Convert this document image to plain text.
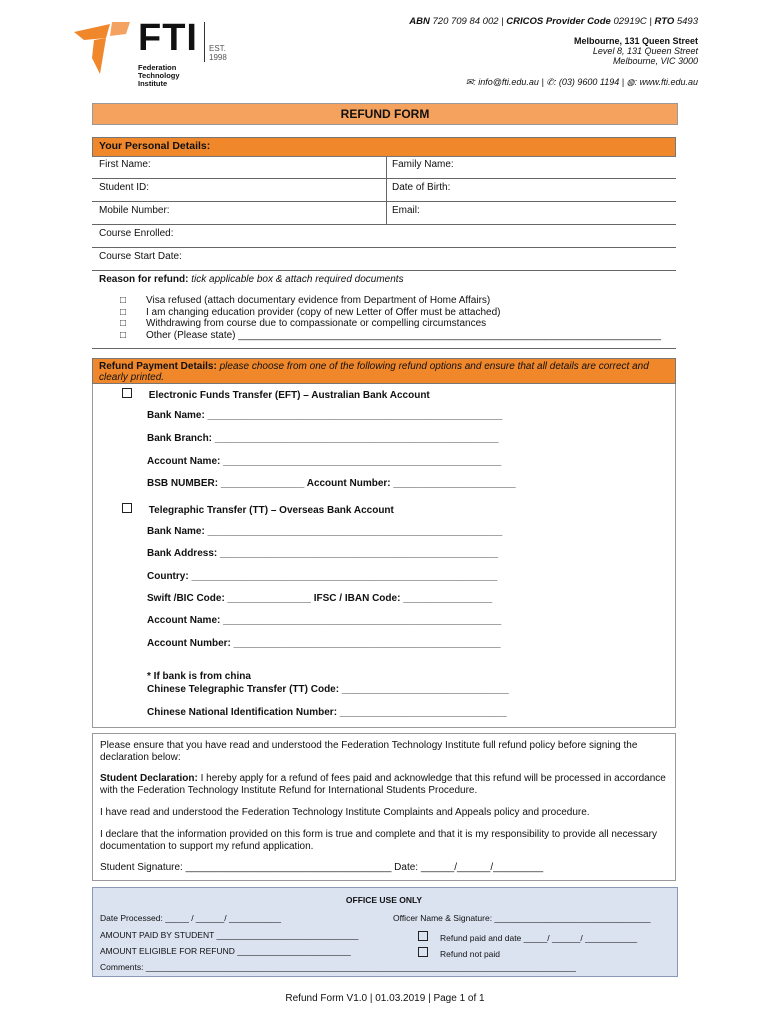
FTI EST.
1998
Federation
Technology
Institute
ABN 720 709 84 002 | CRICOS Provider Code 02919C | RTO 5493
Melbourne, 131 Queen Street
Level 8, 131 Queen Street
Melbourne, VIC 3000
✉: info@fti.edu.au | ✆: (03) 9600 1194 | ◍: www.fti.edu.au
REFUND FORM
Your Personal Details:
First Name:	Family Name:
Student ID:	Date of Birth:
Mobile Number:	Email:
Course Enrolled:
Course Start Date:
Reason for refund: tick applicable box & attach required documents
□ Visa refused (attach documentary evidence from Department of Home Affairs)
□ I am changing education provider (copy of new Letter of Offer must be attached)
□ Withdrawing from course due to compassionate or compelling circumstances
□ Other (Please state) ____________________________________________________________________________
Refund Payment Details: please choose from one of the following refund options and ensure that all details are correct and clearly printed.
Electronic Funds Transfer (EFT) – Australian Bank Account
Bank Name: _____________________________________________________
Bank Branch: ___________________________________________________
Account Name: __________________________________________________
BSB NUMBER: _______________ Account Number: ______________________
Telegraphic Transfer (TT) – Overseas Bank Account
Bank Name: _____________________________________________________
Bank Address: __________________________________________________
Country: _______________________________________________________
Swift /BIC Code: _______________ IFSC / IBAN Code: ________________
Account Name: __________________________________________________
Account Number: ________________________________________________
* If bank is from china
Chinese Telegraphic Transfer (TT) Code: ______________________________
Chinese National Identification Number: ______________________________
Please ensure that you have read and understood the Federation Technology Institute full refund policy before signing the declaration below:
Student Declaration: I hereby apply for a refund of fees paid and acknowledge that this refund will be processed in accordance with the Federation Technology Institute Refund for International Students Procedure.
I have read and understood the Federation Technology Institute Complaints and Appeals policy and procedure.
I declare that the information provided on this form is true and complete and that it is my responsibility to provide all necessary documentation to support my refund application.
Student Signature: _____________________________________ Date: ______/______/_________
OFFICE USE ONLY
Date Processed: _____ / ______/ ___________	Officer Name & Signature: _________________________________
AMOUNT PAID BY STUDENT ______________________________	Refund paid and date _____/ ______/ ___________
AMOUNT ELIGIBLE FOR REFUND ________________________	Refund not paid
Comments: ___________________________________________________________________________________________
Refund Form V1.0 | 01.03.2019 | Page 1 of 1
